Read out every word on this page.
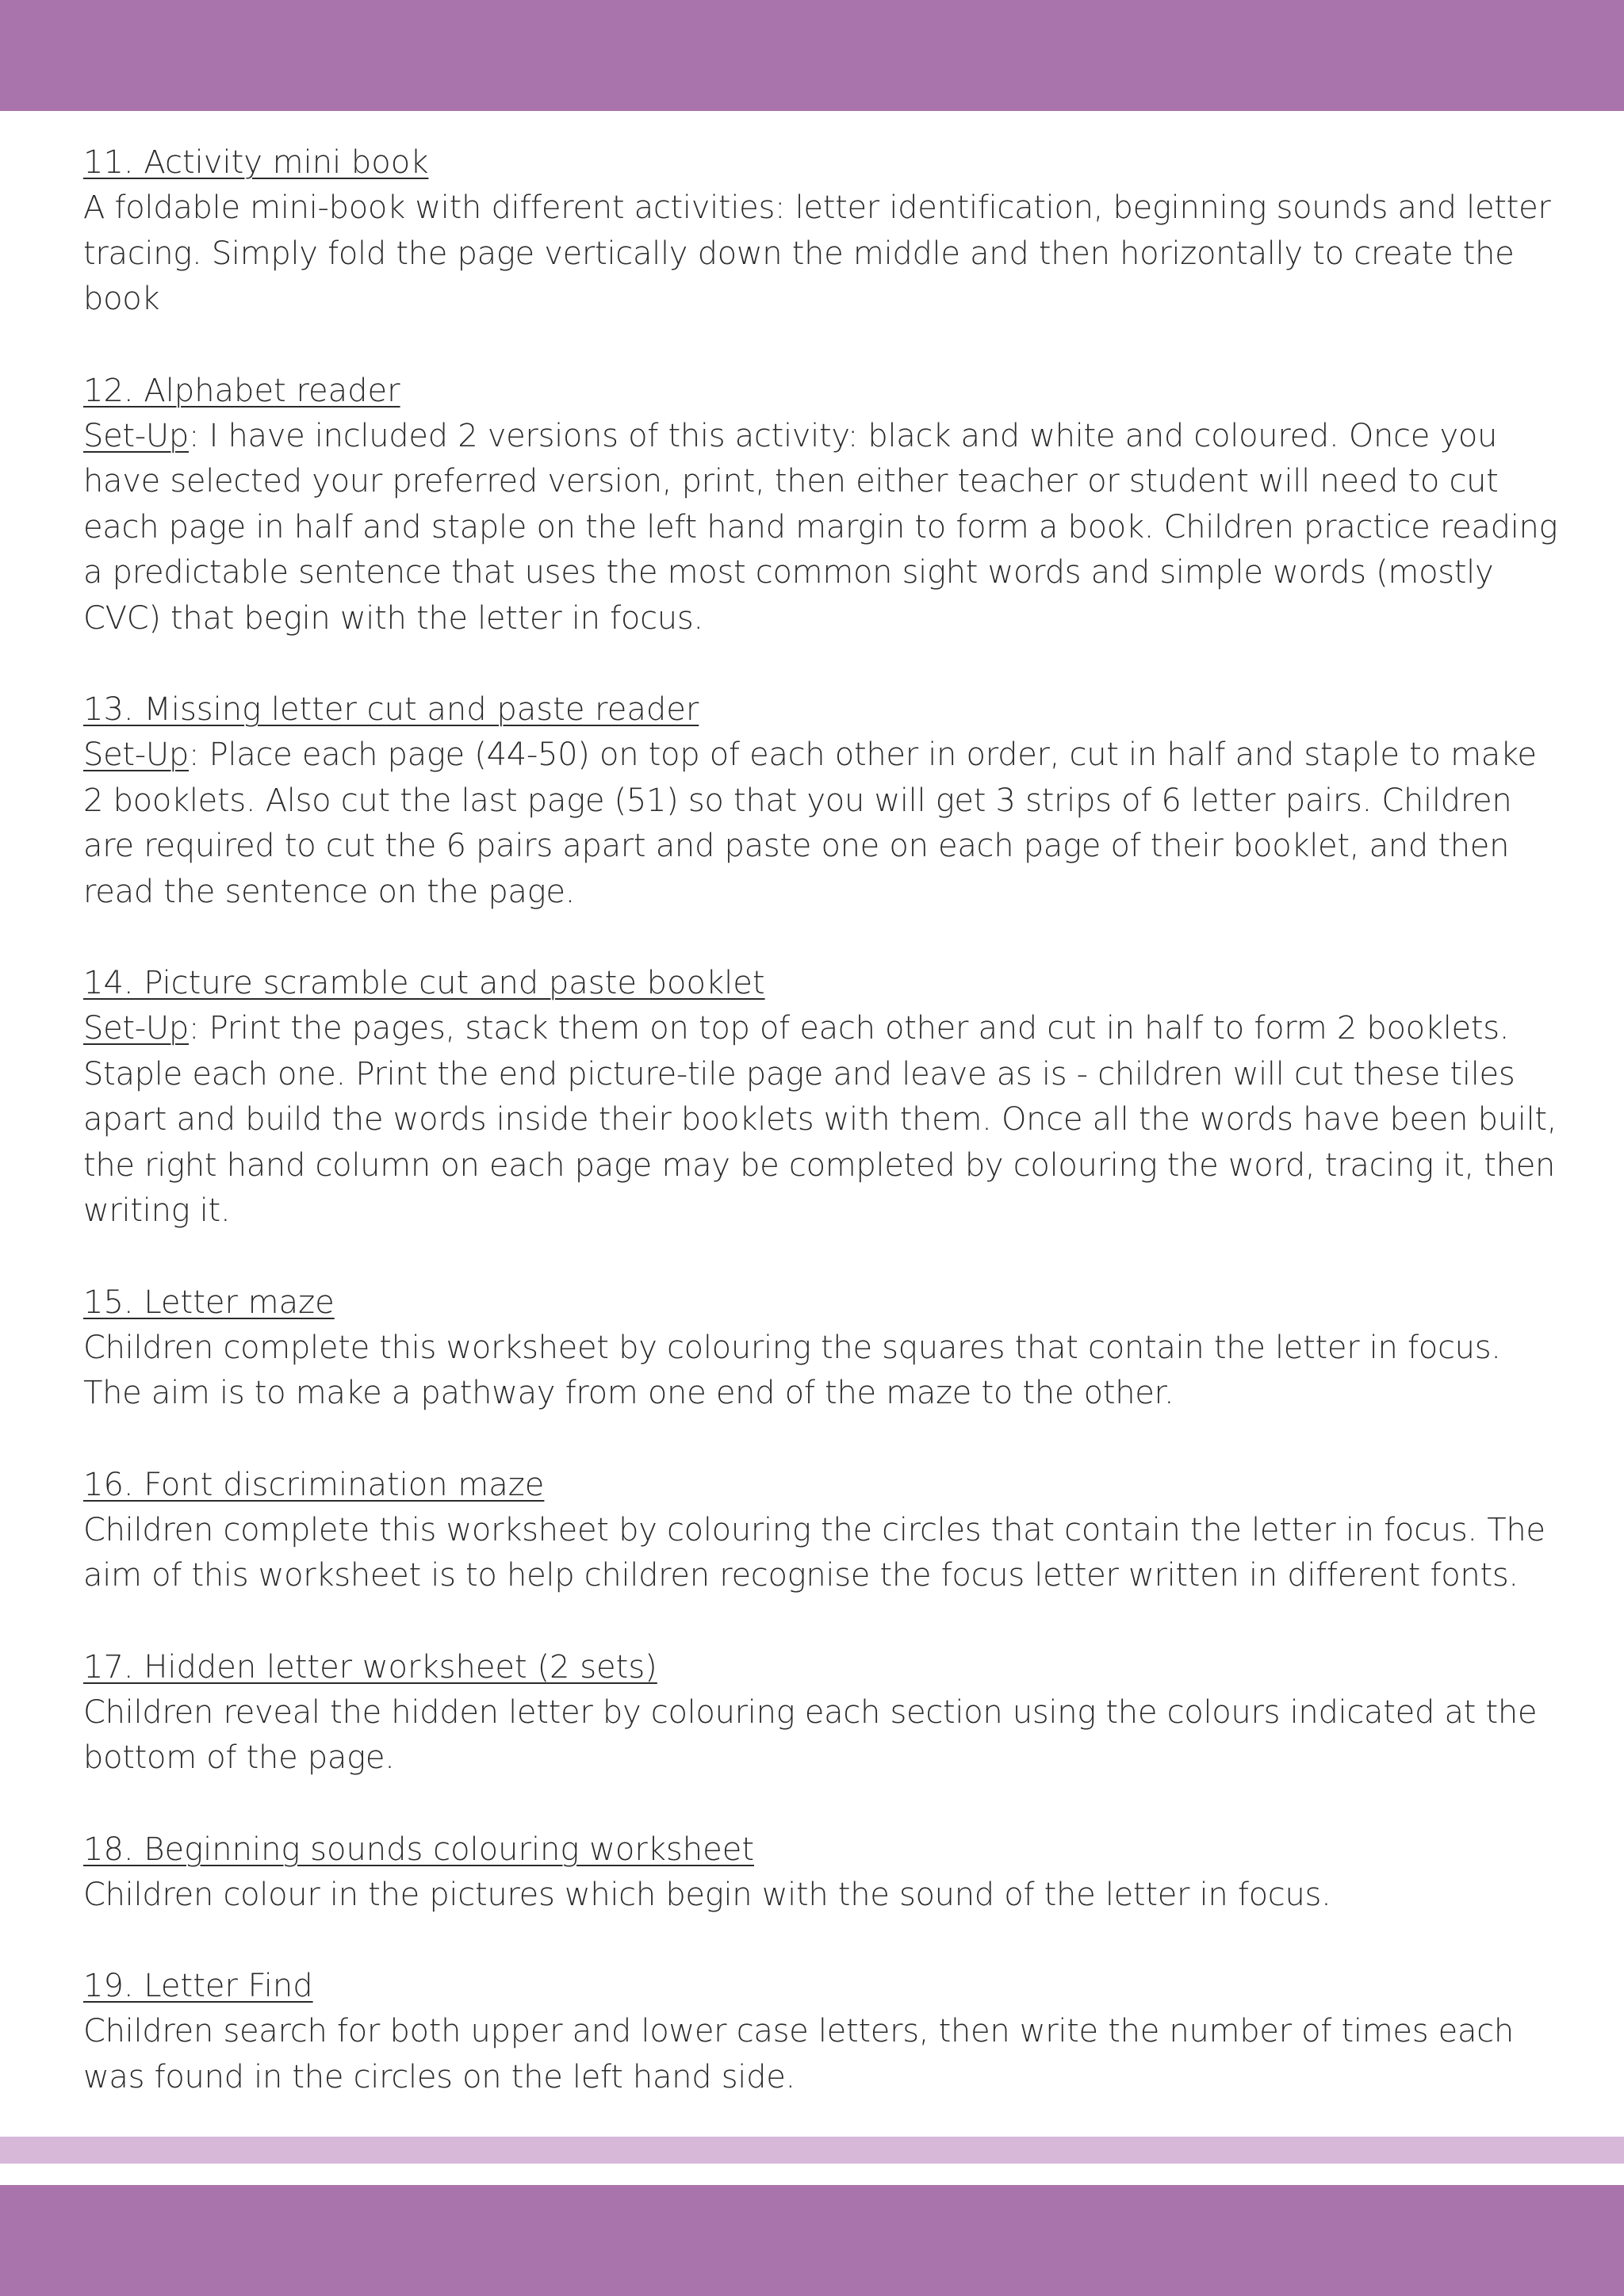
11. Activity mini book
A foldable mini-book with different activities: letter identification, beginning sounds and letter tracing. Simply fold the page vertically down the middle and then horizontally to create the book
12. Alphabet reader
Set-Up: I have included 2 versions of this activity: black and white and coloured. Once you have selected your preferred version, print, then either teacher or student will need to cut each page in half and staple on the left hand margin to form a book. Children practice reading a predictable sentence that uses the most common sight words and simple words (mostly CVC) that begin with the letter in focus.
13. Missing letter cut and paste reader
Set-Up: Place each page (44-50) on top of each other in order, cut in half and staple to make 2 booklets. Also cut the last page (51) so that you will get 3 strips of 6 letter pairs. Children are required to cut the 6 pairs apart and paste one on each page of their booklet, and then read the sentence on the page.
14. Picture scramble cut and paste booklet
Set-Up: Print the pages, stack them on top of each other and cut in half to form 2 booklets. Staple each one. Print the end picture-tile page and leave as is - children will cut these tiles apart and build the words inside their booklets with them. Once all the words have been built, the right hand column on each page may be completed by colouring the word, tracing it, then writing it.
15. Letter maze
Children complete this worksheet by colouring the squares that contain the letter in focus. The aim is to make a pathway from one end of the maze to the other.
16. Font discrimination maze
Children complete this worksheet by colouring the circles that contain the letter in focus. The aim of this worksheet is to help children recognise the focus letter written in different fonts.
17. Hidden letter worksheet (2 sets)
Children reveal the hidden letter by colouring each section using the colours indicated at the bottom of the page.
18. Beginning sounds colouring worksheet
Children colour in the pictures which begin with the sound of the letter in focus.
19. Letter Find
Children search for both upper and lower case letters, then write the number of times each was found in the circles on the left hand side.
